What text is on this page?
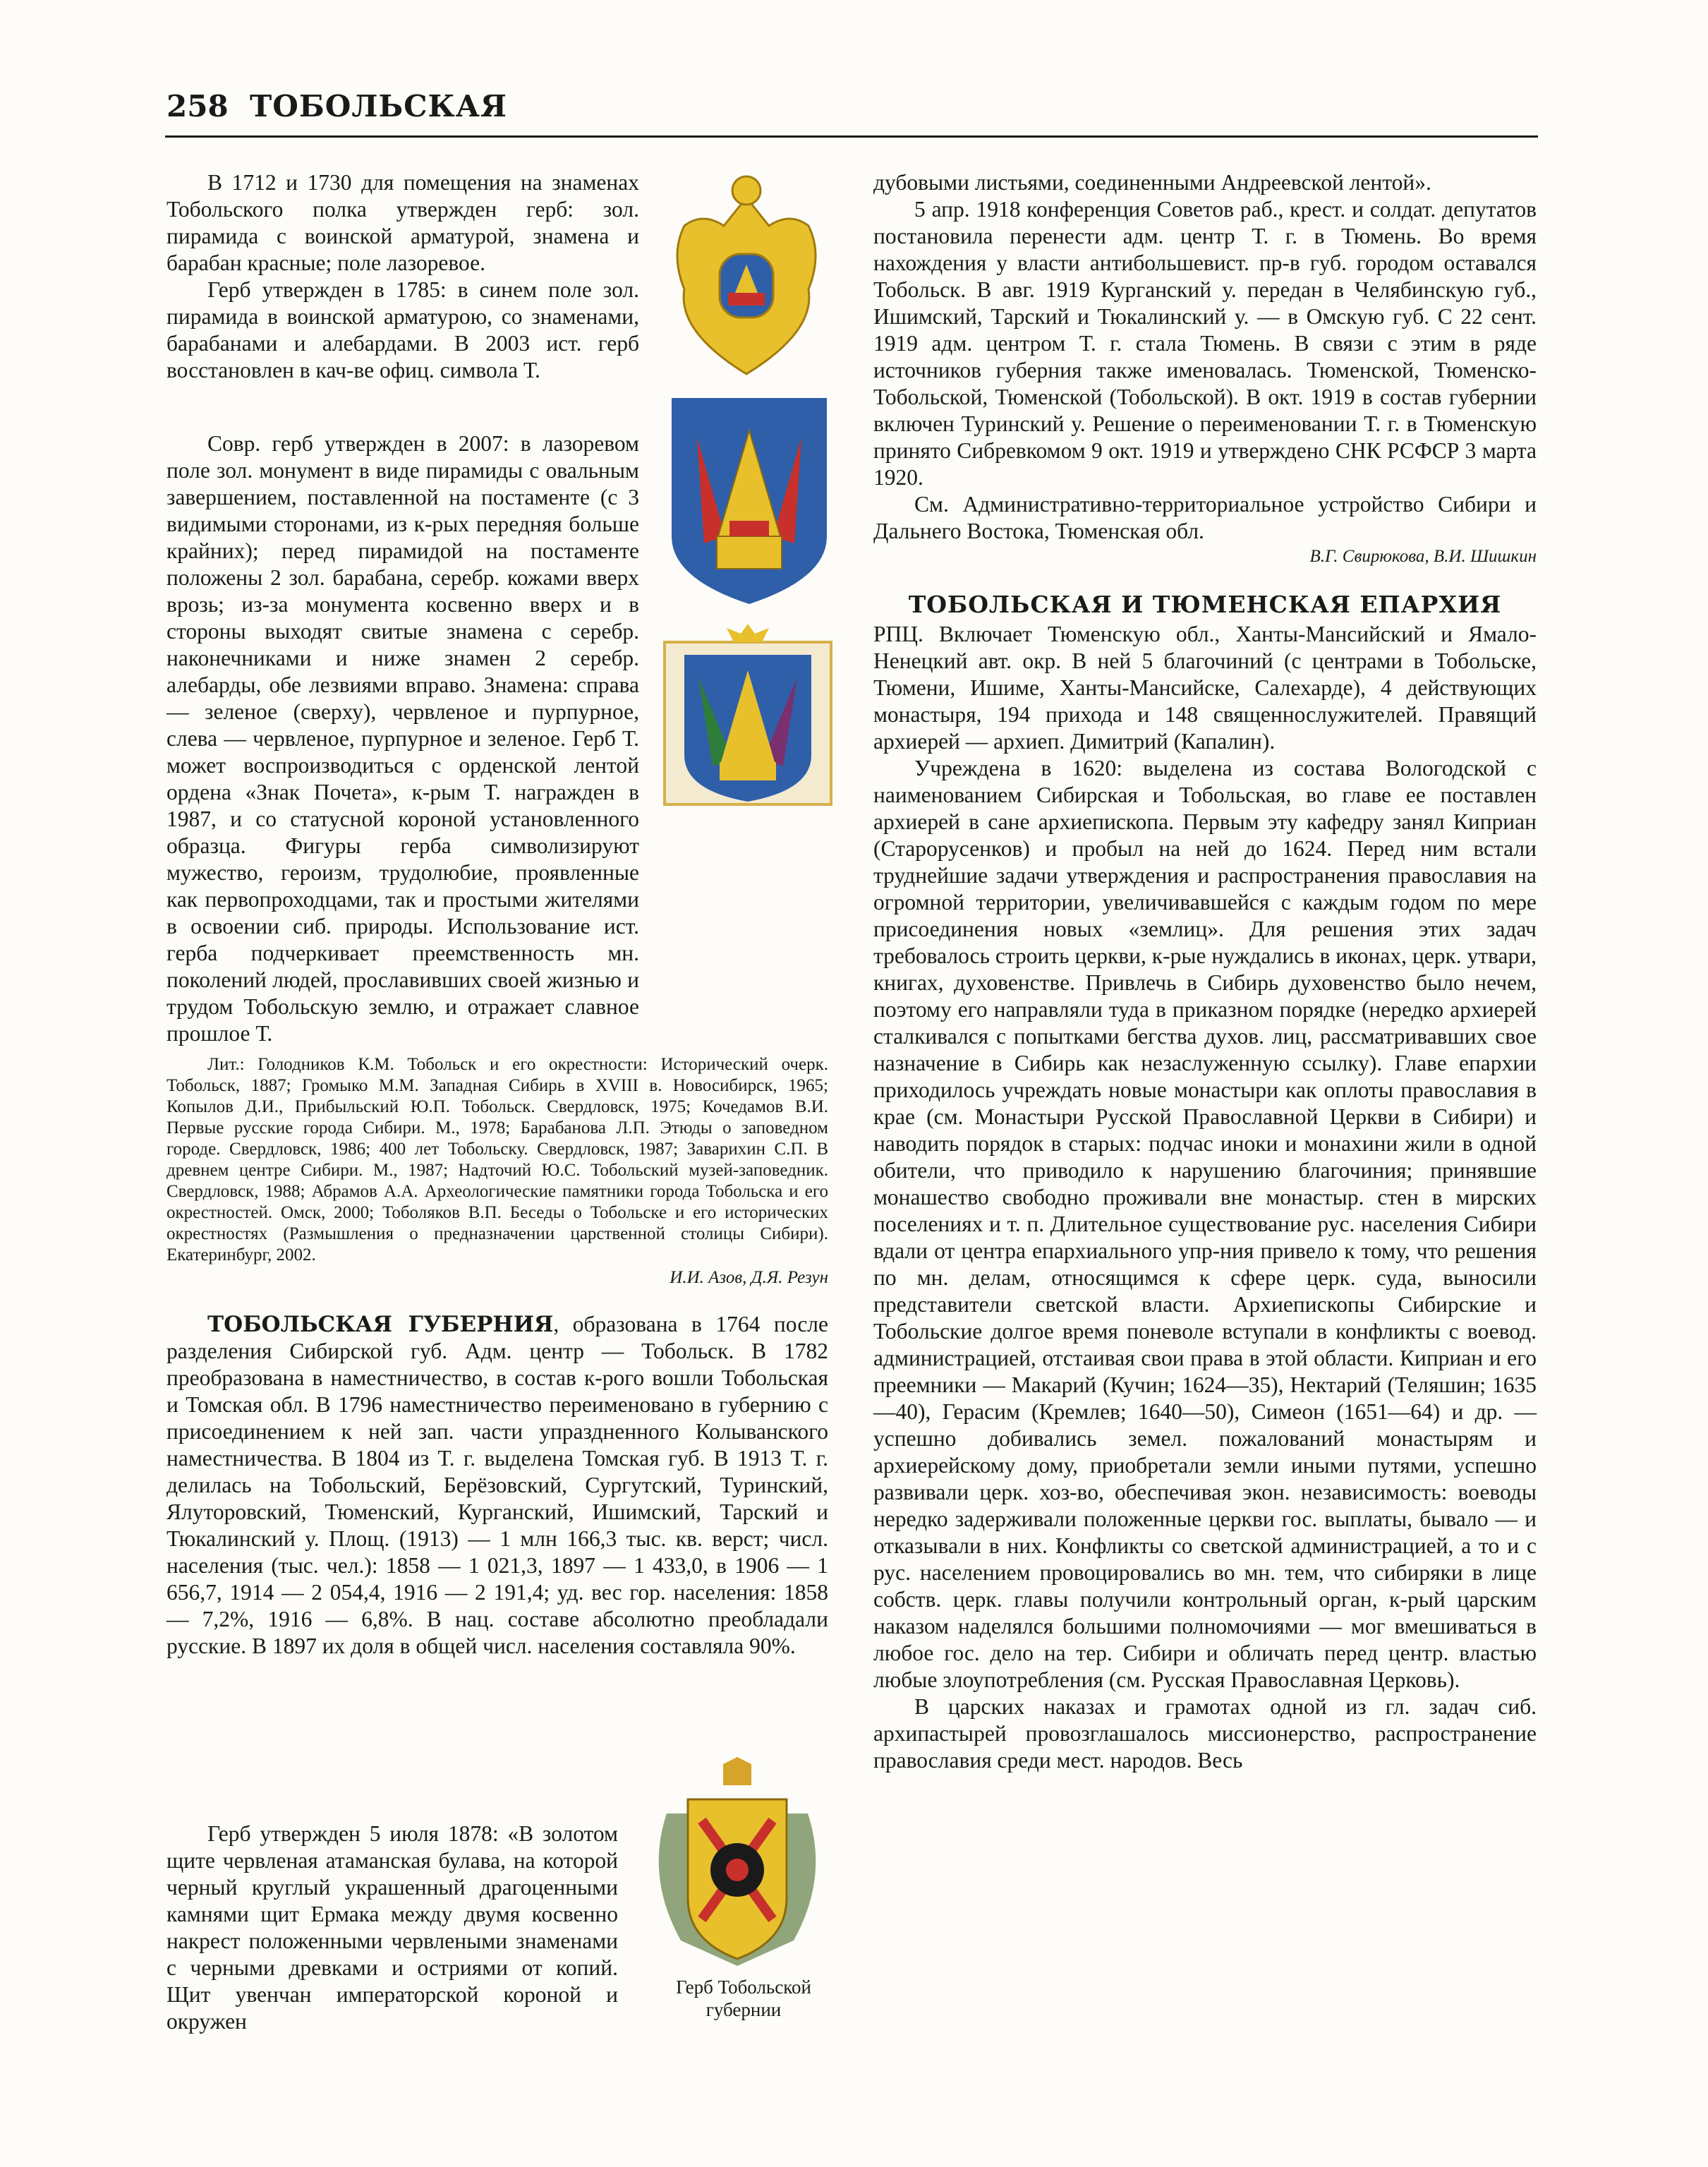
258 ТОБОЛЬСКАЯ

В 1712 и 1730 для помещения на знаменах Тобольского полка утвержден герб: зол. пирамида с воинской арматурой, знамена и барабан красные; поле лазоревое.

Герб утвержден в 1785: в синем поле зол. пирамида в воинской арматурою, со знаменами, барабанами и алебардами. В 2003 ист. герб восстановлен в кач-ве офиц. символа Т.

Совр. герб утвержден в 2007: в лазоревом поле зол. монумент в виде пирамиды с овальным завершением, поставленной на постаменте (с 3 видимыми сторонами, из к-рых передняя больше крайних); перед пирамидой на постаменте положены 2 зол. барабана, серебр. кожами вверх врозь; из-за монумента косвенно вверх и в стороны выходят свитые знамена с серебр. наконечниками и ниже знамен 2 серебр. алебарды, обе лезвиями вправо. Знамена: справа — зеленое (сверху), червленое и пурпурное, слева — червленое, пурпурное и зеленое. Герб Т. может воспроизводиться с орденской лентой ордена «Знак Почета», к-рым Т. награжден в 1987, и со статусной короной установленного образца. Фигуры герба символизируют мужество, героизм, трудолюбие, проявленные как первопроходцами, так и простыми жителями в освоении сиб. природы. Использование ист. герба подчеркивает преемственность мн. поколений людей, прославивших своей жизнью и трудом Тобольскую землю, и отражает славное прошлое Т.

Лит.: Голодников К.М. Тобольск и его окрестности: Исторический очерк. Тобольск, 1887; Громыко М.М. Западная Сибирь в XVIII в. Новосибирск, 1965; Копылов Д.И., Прибыльский Ю.П. Тобольск. Свердловск, 1975; Кочедамов В.И. Первые русские города Сибири. М., 1978; Барабанова Л.П. Этюды о заповедном городе. Свердловск, 1986; 400 лет Тобольску. Свердловск, 1987; Заварихин С.П. В древнем центре Сибири. М., 1987; Надточий Ю.С. Тобольский музей-заповедник. Свердловск, 1988; Абрамов А.А. Археологические памятники города Тобольска и его окрестностей. Омск, 2000; Тоболяков В.П. Беседы о Тобольске и его исторических окрестностях (Размышления о предназначении царственной столицы Сибири). Екатеринбург, 2002.

И.И. Азов, Д.Я. Резун

ТОБОЛЬСКАЯ ГУБЕРНИЯ, образована в 1764 после разделения Сибирской губ. Адм. центр — Тобольск. В 1782 преобразована в наместничество, в состав к-рого вошли Тобольская и Томская обл. В 1796 наместничество переименовано в губернию с присоединением к ней зап. части упраздненного Колыванского наместничества. В 1804 из Т. г. выделена Томская губ. В 1913 Т. г. делилась на Тобольский, Берёзовский, Сургутский, Туринский, Ялуторовский, Тюменский, Курганский, Ишимский, Тарский и Тюкалинский у. Площ. (1913) — 1 млн 166,3 тыс. кв. верст; числ. населения (тыс. чел.): 1858 — 1 021,3, 1897 — 1 433,0, в 1906 — 1 656,7, 1914 — 2 054,4, 1916 — 2 191,4; уд. вес гор. населения: 1858 — 7,2%, 1916 — 6,8%. В нац. составе абсолютно преобладали русские. В 1897 их доля в общей числ. населения составляла 90%.

Герб утвержден 5 июля 1878: «В золотом щите червленая атаманская булава, на которой черный круглый украшенный драгоценными камнями щит Ермака между двумя косвенно накрест положенными червлеными знаменами с черными древками и остриями от копий. Щит увенчан императорской короной и окружен

Герб Тобольской губернии

дубовыми листьями, соединенными Андреевской лентой».

5 апр. 1918 конференция Советов раб., крест. и солдат. депутатов постановила перенести адм. центр Т. г. в Тюмень. Во время нахождения у власти антибольшевист. пр-в губ. городом оставался Тобольск. В авг. 1919 Курганский у. передан в Челябинскую губ., Ишимский, Тарский и Тюкалинский у. — в Омскую губ. С 22 сент. 1919 адм. центром Т. г. стала Тюмень. В связи с этим в ряде источников губерния также именовалась. Тюменской, Тюменско-Тобольской, Тюменской (Тобольской). В окт. 1919 в состав губернии включен Туринский у. Решение о переименовании Т. г. в Тюменскую принято Сибревкомом 9 окт. 1919 и утверждено СНК РСФСР 3 марта 1920.

См. Административно-территориальное устройство Сибири и Дальнего Востока, Тюменская обл.

В.Г. Свирюкова, В.И. Шишкин

ТОБОЛЬСКАЯ И ТЮМЕНСКАЯ ЕПАРХИЯ

РПЦ. Включает Тюменскую обл., Ханты-Мансийский и Ямало-Ненецкий авт. окр. В ней 5 благочиний (с центрами в Тобольске, Тюмени, Ишиме, Ханты-Мансийске, Салехарде), 4 действующих монастыря, 194 прихода и 148 священнослужителей. Правящий архиерей — архиеп. Димитрий (Капалин).

Учреждена в 1620: выделена из состава Вологодской с наименованием Сибирская и Тобольская, во главе ее поставлен архиерей в сане архиепископа. Первым эту кафедру занял Киприан (Старорусенков) и пробыл на ней до 1624. Перед ним встали труднейшие задачи утверждения и распространения православия на огромной территории, увеличивавшейся с каждым годом по мере присоединения новых «землиц». Для решения этих задач требовалось строить церкви, к-рые нуждались в иконах, церк. утвари, книгах, духовенстве. Привлечь в Сибирь духовенство было нечем, поэтому его направляли туда в приказном порядке (нередко архиерей сталкивался с попытками бегства духов. лиц, рассматривавших свое назначение в Сибирь как незаслуженную ссылку). Главе епархии приходилось учреждать новые монастыри как оплоты православия в крае (см. Монастыри Русской Православной Церкви в Сибири) и наводить порядок в старых: подчас иноки и монахини жили в одной обители, что приводило к нарушению благочиния; принявшие монашество свободно проживали вне монастыр. стен в мирских поселениях и т. п. Длительное существование рус. населения Сибири вдали от центра епархиального упр-ния привело к тому, что решения по мн. делам, относящимся к сфере церк. суда, выносили представители светской власти. Архиепископы Сибирские и Тобольские долгое время поневоле вступали в конфликты с воевод. администрацией, отстаивая свои права в этой области. Киприан и его преемники — Макарий (Кучин; 1624—35), Нектарий (Теляшин; 1635—40), Герасим (Кремлев; 1640—50), Симеон (1651—64) и др. — успешно добивались земел. пожалований монастырям и архиерейскому дому, приобретали земли иными путями, успешно развивали церк. хоз-во, обеспечивая экон. независимость: воеводы нередко задерживали положенные церкви гос. выплаты, бывало — и отказывали в них. Конфликты со светской администрацией, а то и с рус. населением провоцировались во мн. тем, что сибиряки в лице собств. церк. главы получили контрольный орган, к-рый царским наказом наделялся большими полномочиями — мог вмешиваться в любое гос. дело на тер. Сибири и обличать перед центр. властью любые злоупотребления (см. Русская Православная Церковь).

В царских наказах и грамотах одной из гл. задач сиб. архипастырей провозглашалось миссионерство, распространение православия среди мест. народов. Весь
